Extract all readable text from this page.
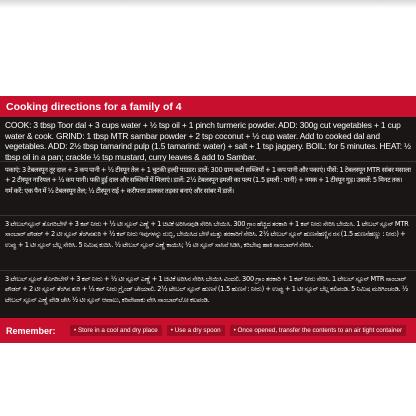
Cooking directions for a family of 4
COOK: 3 tbsp Toor dal + 3 cups water + ½ tsp oil + 1 pinch turmeric powder. ADD: 300g cut vegetables + 1 cup water & cook. GRIND: 1 tbsp MTR sambar powder + 2 tsp coconut + ½ cup water. Add to cooked dal and vegetables. ADD: 2½ tbsp tamarind pulp (1.5 tamarind: water) + salt + 1 tsp jaggery. BOIL: for 5 minutes. HEAT: ½ tbsp oil in a pan; crackle ½ tsp mustard, curry leaves & add to Sambar.
पकाएं: 3 टेबलस्पून तूर दाल + 3 कप पानी + ½ टीस्पून तेल + 1 चुटकी हल्दी पाउडर। डालें: 300 ग्राम कटी सब्जियाँ + 1 कप पानी और पकाएं। पीसें: 1 टेबलस्पून MTR सांबर मसाला + 2 टीस्पून नारियल + ½ कप पानी। पकी हुई दाल और सब्जियों में मिलाएं। डालें: 2½ टेबलस्पून इमली का पल्प (1.5 इमली : पानी) + नमक + 1 टीस्पून गुड़। उबालें: 5 मिनट तक। गर्म करें: एक पैन में ½ टेबलस्पून तेल; ½ टीस्पून राई + करीपत्ता डालकर तड़का बनाएं और सांबर में डालें।
3 ಟೇಬಲ್‌ಸ್ಪೂನ್ ತೊಗರಿಬೇಳೆ + 3 ಕಪ್ ನೀರು + ½ ಟೀ ಸ್ಪೂನ್ ಎಣ್ಣೆ + 1 ಚಿಟಿಕೆ ಅರಿಸಿನಪುಡಿ ಸೇರಿಸಿ ಬೇಯಿಸಿ. 300 ಗ್ರಾಂ ಹೆಚ್ಚಿದ ತರಕಾರಿ + 1 ಕಪ್ ನೀರು ಸೇರಿಸಿ ಬೇಯಿಸಿ. 1 ಟೇಬಲ್ ಸ್ಪೂನ್ MTR ಸಾಂಬಾರ್ ಪೌಡರ್ + 2 ಟೀ ಸ್ಪೂನ್ ತೆಂಗಿನತುರಿ + ½ ಕಪ್ ನೀರು ಇವುಗಳನ್ನು ರುಬ್ಬಿ, ಬೇಯಿಸಿದ ಬೇಳೆ ಮತ್ತು ತರಕಾರಿಗೆ ಸೇರಿಸಿ. 2½ ಟೇಬಲ್ ಸ್ಪೂನ್ ಹುಣಸೆಹಣ್ಣಿನ ರಸ (1.5 ಹುಣಸೆಹಣ್ಣು : ನೀರು) + ಉಪ್ಪು + 1 ಟೀ ಸ್ಪೂನ್ ಬೆಲ್ಲ ಸೇರಿಸಿ. 5 ನಿಮಿಷ ಕುದಿಸಿ. ½ ಟೇಬಲ್ ಸ್ಪೂನ್ ಎಣ್ಣೆ ಕಾಯಿಸಿ; ½ ಟೀ ಸ್ಪೂನ್ ಸಾಸಿವೆ ಸಿಡಿಸಿ, ಕರಿಬೇವು ಹಾಕಿ ಸಾಂಬಾರ್‌ಗೆ ಸೇರಿಸಿ.
3 ಟೇಬಲ್ ಸ್ಪೂನ್ ತೊಗರಿಬೇಳೆ + 3 ಕಪ್ ನೀರು + ½ ಟೀ ಸ್ಪೂನ್ ಎಣ್ಣೆ + 1 ಚಿಟಿಕೆ ಅರಿಸಿನ ಸೇರಿಸಿ ಬೇಯಿಸಿ ವಿಂದಲಿ. 300 ಗ್ರಾಂ ತರಕಾರಿ + 1 ಕಪ್ ನೀರು ಸೇರಿಸಿ. 1 ಟೇಬಲ್ ಸ್ಪೂನ್ MTR ಸಾಂಬಾರ್ ಪೌಡರ್ + 2 ಟೀ ಸ್ಪೂನ್ ತೆಂಗಿನ ತುರಿ + ½ ಕಪ್ ನೀರು ಗ್ರೈಂಡ್ ಚೇಯಾಲಿ. 2½ ಟೇಬಲ್ ಸ್ಪೂನ್ ಹುಣಸೆ (1.5 ಹುಣಸೆ : ನೀರು) + ಉಪ್ಪು + 1 ಟೀ ಸ್ಪೂನ್ ಬೆಲ್ಲ ಕಲಿಪಂಡಿ. 5 ನಿಮಿಷ ಮರಿಗಿಂಚಂಡಿ. ½ ಟೇಬಲ್ ಸ್ಪೂನ್ ಎಣ್ಣೆ ವೇಡಿ ಚೇಸಿ ½ ಟೀ ಸ್ಪೂನ್ ಆವಾಲು, ಕರಿವೇಪಾಕು ವೇಸಿ ಸಾಂಬಾರ್‌ಲೋ ಕಲಪಂಡಿ.
Remember:	• Store in a cool and dry place	• Use a dry spoon	• Once opened, transfer the contents to an air tight container
